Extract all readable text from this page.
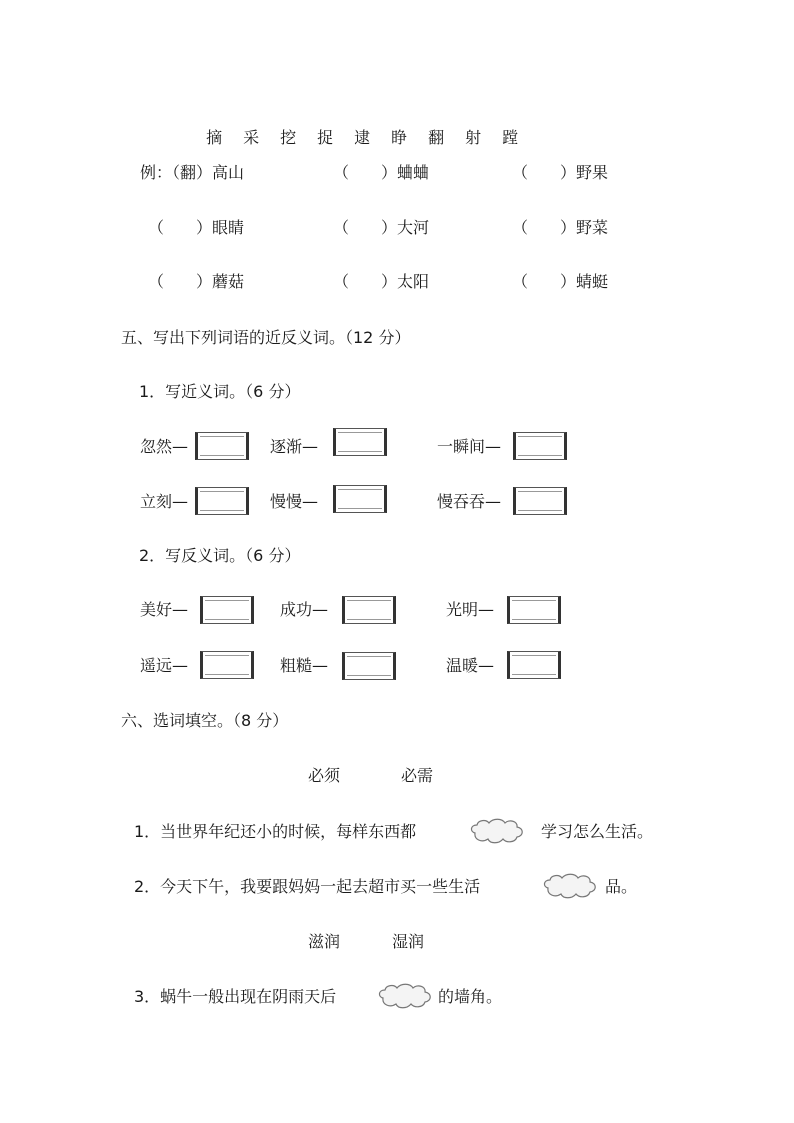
摘 采 挖 捉 逮 睁 翻 射 蹚

例：（翻）高山	（　　）蛐蛐	（　　）野果
（　　）眼睛	（　　）大河	（　　）野菜
（　　）蘑菇	（　　）太阳	（　　）蜻蜓
五、写出下列词语的近反义词。（12 分）
1．写近义词。（6 分）
忽然—	逐渐—	一瞬间—
立刻—	慢慢—	慢吞吞—
2．写反义词。（6 分）
美好—	成功—	光明—
遥远—	粗糙—	温暖—
六、选词填空。（8 分）
必须	必需
1．当世界年纪还小的时候，每样东西都	学习怎么生活。
2．今天下午，我要跟妈妈一起去超市买一些生活	品。
滋润	湿润
3．蜗牛一般出现在阴雨天后	的墙角。
